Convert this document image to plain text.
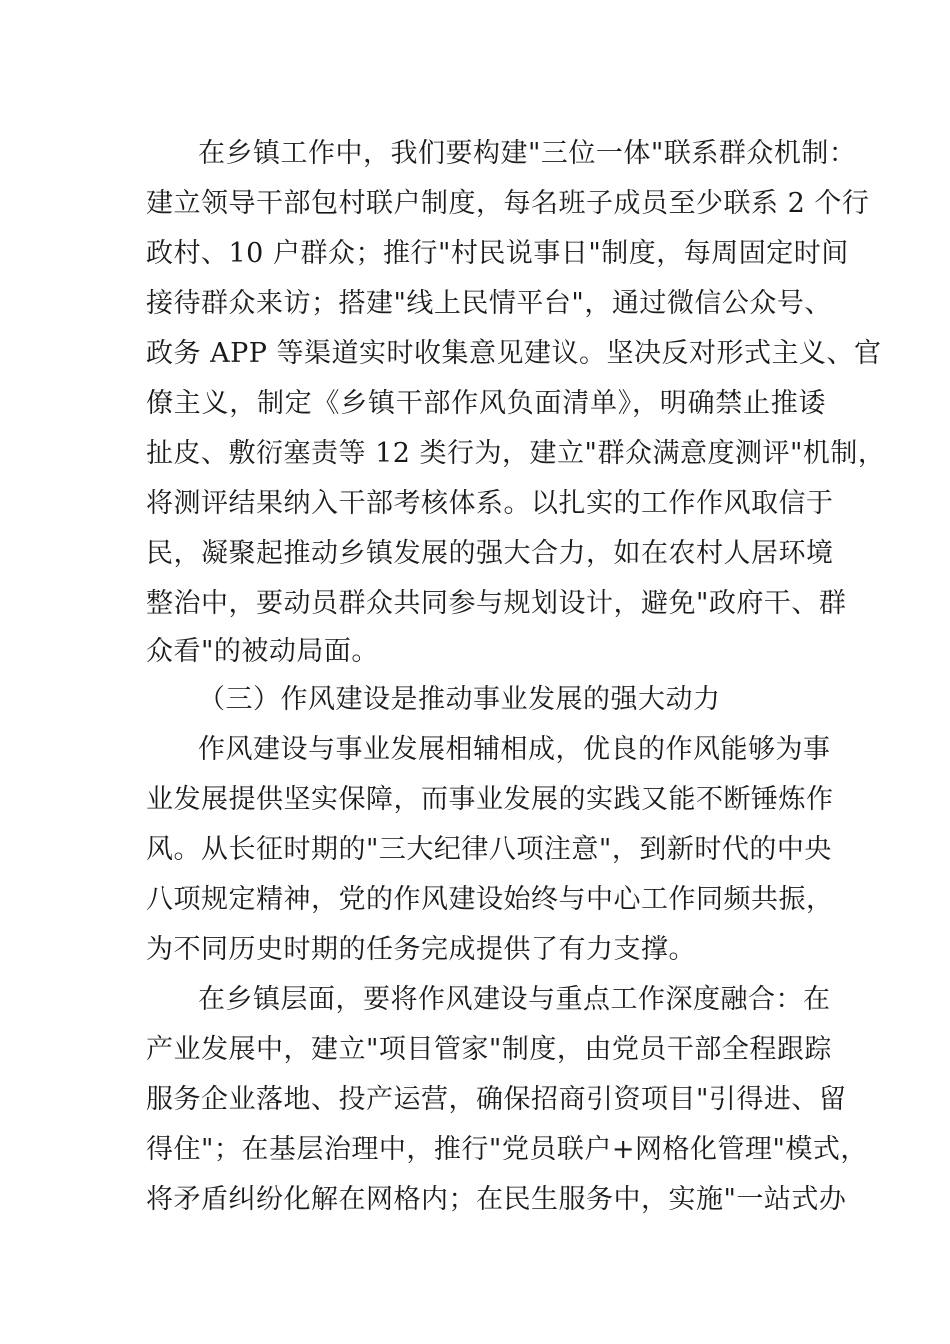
在乡镇工作中，我们要构建"三位一体"联系群众机制：
建立领导干部包村联户制度，每名班子成员至少联系 2 个行
政村、10 户群众；推行"村民说事日"制度，每周固定时间
接待群众来访；搭建"线上民情平台"，通过微信公众号、
政务 APP 等渠道实时收集意见建议。坚决反对形式主义、官
僚主义，制定《乡镇干部作风负面清单》，明确禁止推诿
扯皮、敷衍塞责等 12 类行为，建立"群众满意度测评"机制，
将测评结果纳入干部考核体系。以扎实的工作作风取信于
民，凝聚起推动乡镇发展的强大合力，如在农村人居环境
整治中，要动员群众共同参与规划设计，避免"政府干、群
众看"的被动局面。
（三）作风建设是推动事业发展的强大动力
作风建设与事业发展相辅相成，优良的作风能够为事
业发展提供坚实保障，而事业发展的实践又能不断锤炼作
风。从长征时期的"三大纪律八项注意"，到新时代的中央
八项规定精神，党的作风建设始终与中心工作同频共振，
为不同历史时期的任务完成提供了有力支撑。
在乡镇层面，要将作风建设与重点工作深度融合：在
产业发展中，建立"项目管家"制度，由党员干部全程跟踪
服务企业落地、投产运营，确保招商引资项目"引得进、留
得住"；在基层治理中，推行"党员联户+网格化管理"模式，
将矛盾纠纷化解在网格内；在民生服务中，实施"一站式办
